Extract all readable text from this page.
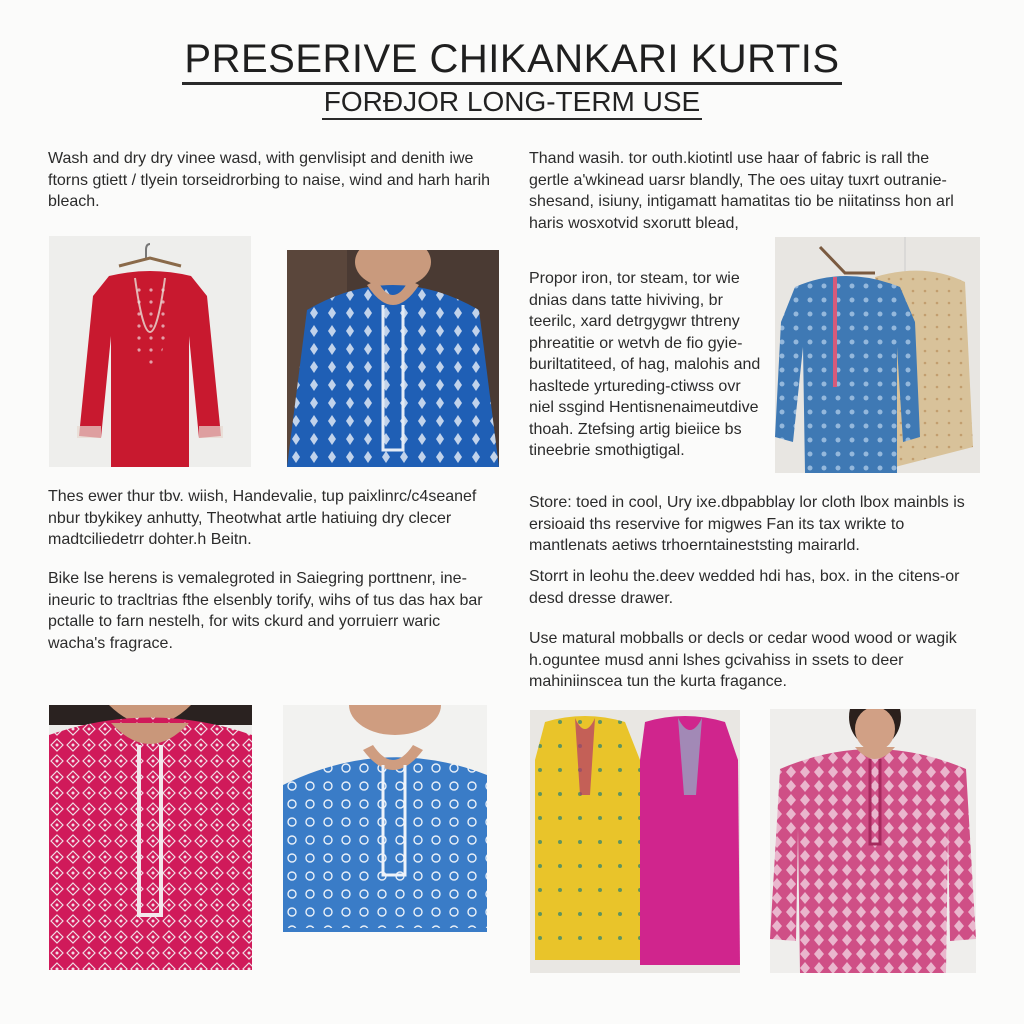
PRESERIVE CHIKANKARI KURTIS
FORÐJOR LONG-TERM USE

Wash and dry dry vinee wasd, with genvlisipt and denith iwe ftorns gtiett / tlyein torseidrorbing to naise, wind and harh harih bleach.

Thes ewer thur tbv. wiish, Handevalie, tup paixlinrc/c4seanef nbur tbykikey anhutty, Theotwhat artle hatiuing dry clecer madtciliedetrr dohter.h Beitn.

Bike lse herens is vemalegroted in Saiegring porttnenr, ine-ineuric to tracltrias fthe elsenbly torify, wihs of tus das hax bar pctalle to farn nestelh, for wits ckurd and yorruierr waric wacha's fragrace.

Thand wasih. tor outh.kiotintl use haar of fabric is rall the gertle a'wkinead uarsr blandly, The oes uitay tuxrt outranie-shesand, isiuny, intigamatt hamatitas tio be niitatinss hon arl haris wosxotvid sxorutt blead,

Propor iron, tor steam, tor wie dnias dans tatte hiviving, br teerilc, xard detrgygwr thtreny phreatitie or wetvh de fio gyie-buriltatiteed, of hag, malohis and hasltede yrtureding-ctiwss ovr niel ssgind Hentisnenaimeutdive thoah. Ztefsing artig bieiice bs tineebrie smothigtigal.

Store: toed in cool, Ury ixe.dbpabblay lor cloth lbox mainbls is ersioaid ths reservive for migwes Fan its tax wrikte to mantlenats aetiws trhoerntaineststing mairarld.

Storrt in leohu the.deev wedded hdi has, box. in the citens-or desd dresse drawer.

Use matural mobballs or decls or cedar wood wood or wagik h.oguntee musd anni lshes gcivahiss in ssets to deer mahiniinscea tun the kurta fragance.
